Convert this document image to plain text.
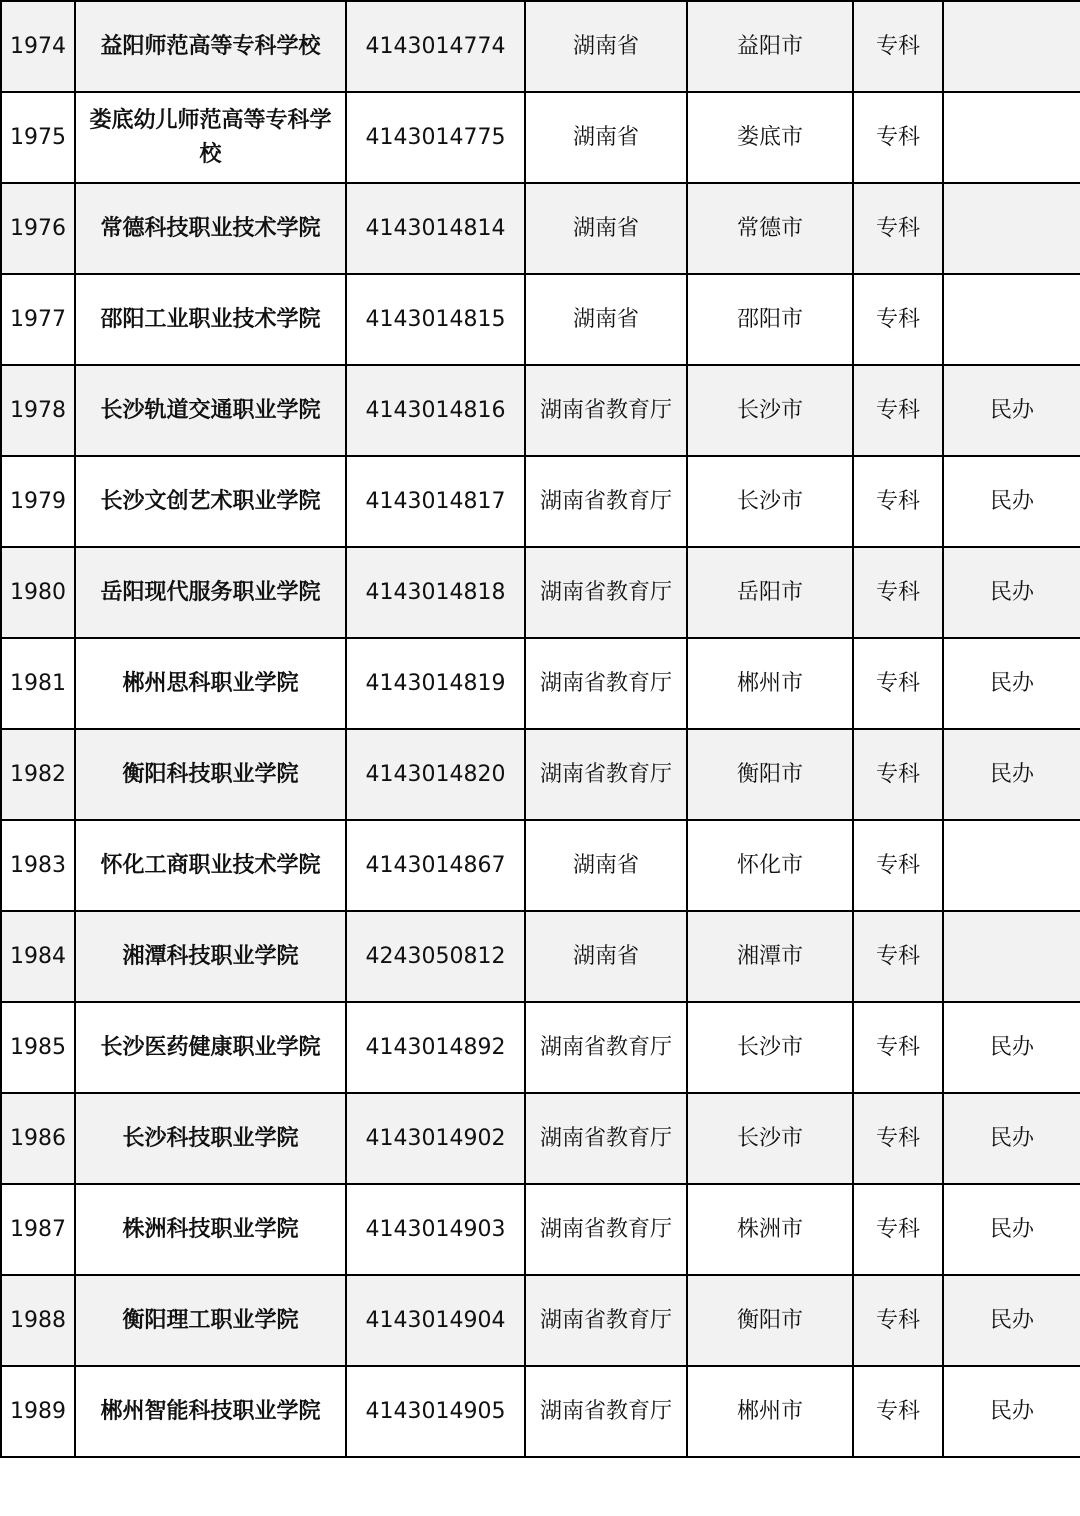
1974	益阳师范高等专科学校	4143014774	湖南省	益阳市	专科	
1975	娄底幼儿师范高等专科学校	4143014775	湖南省	娄底市	专科	
1976	常德科技职业技术学院	4143014814	湖南省	常德市	专科	
1977	邵阳工业职业技术学院	4143014815	湖南省	邵阳市	专科	
1978	长沙轨道交通职业学院	4143014816	湖南省教育厅	长沙市	专科	民办
1979	长沙文创艺术职业学院	4143014817	湖南省教育厅	长沙市	专科	民办
1980	岳阳现代服务职业学院	4143014818	湖南省教育厅	岳阳市	专科	民办
1981	郴州思科职业学院	4143014819	湖南省教育厅	郴州市	专科	民办
1982	衡阳科技职业学院	4143014820	湖南省教育厅	衡阳市	专科	民办
1983	怀化工商职业技术学院	4143014867	湖南省	怀化市	专科	
1984	湘潭科技职业学院	4243050812	湖南省	湘潭市	专科	
1985	长沙医药健康职业学院	4143014892	湖南省教育厅	长沙市	专科	民办
1986	长沙科技职业学院	4143014902	湖南省教育厅	长沙市	专科	民办
1987	株洲科技职业学院	4143014903	湖南省教育厅	株洲市	专科	民办
1988	衡阳理工职业学院	4143014904	湖南省教育厅	衡阳市	专科	民办
1989	郴州智能科技职业学院	4143014905	湖南省教育厅	郴州市	专科	民办
